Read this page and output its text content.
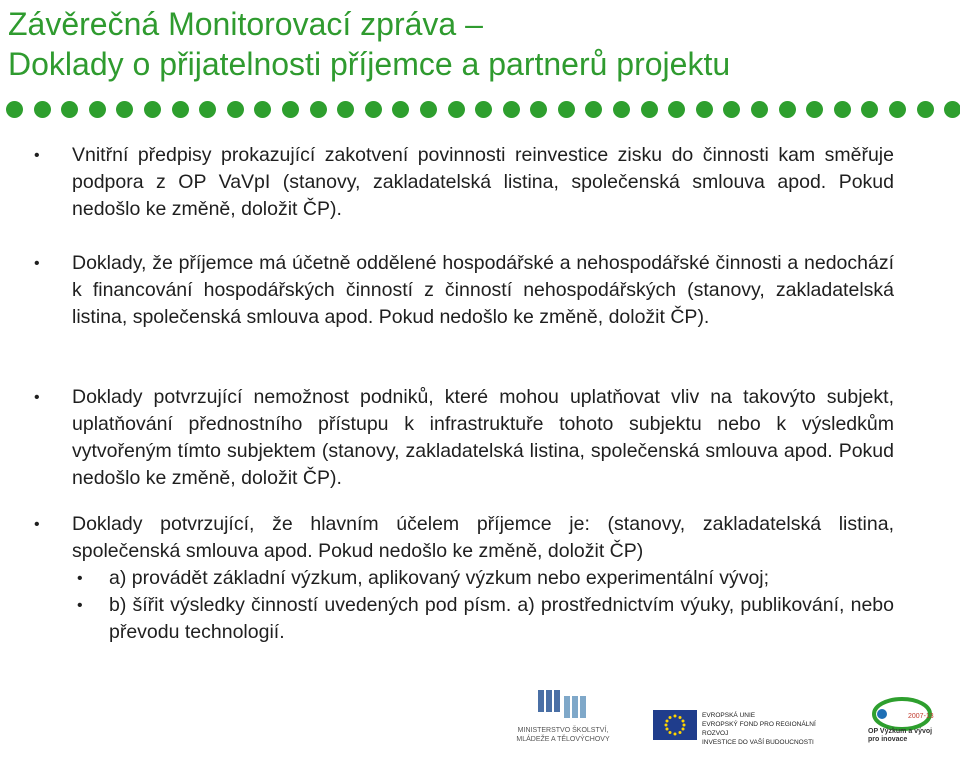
Závěrečná Monitorovací zpráva –
Doklady o přijatelnosti příjemce a partnerů projektu
• Vnitřní předpisy prokazující zakotvení povinnosti reinvestice zisku do činnosti kam směřuje podpora z OP VaVpI (stanovy, zakladatelská listina, společenská smlouva apod. Pokud nedošlo ke změně, doložit ČP).
• Doklady, že příjemce má účetně oddělené hospodářské a nehospodářské činnosti a nedochází k financování hospodářských činností z činností nehospodářských (stanovy, zakladatelská listina, společenská smlouva apod. Pokud nedošlo ke změně, doložit ČP).
• Doklady potvrzující nemožnost podniků, které mohou uplatňovat vliv na takovýto subjekt, uplatňování přednostního přístupu k infrastruktuře tohoto subjektu nebo k výsledkům vytvořeným tímto subjektem (stanovy, zakladatelská listina, společenská smlouva apod. Pokud nedošlo ke změně, doložit ČP).
• Doklady potvrzující, že hlavním účelem příjemce je: (stanovy, zakladatelská listina, společenská smlouva apod. Pokud nedošlo ke změně, doložit ČP)
• a) provádět základní výzkum, aplikovaný výzkum nebo experimentální vývoj;
• b) šířit výsledky činností uvedených pod písm. a) prostřednictvím výuky, publikování, nebo převodu technologií.
MINISTERSTVO ŠKOLSTVÍ,
MLÁDEŽE A TĚLOVÝCHOVY
EVROPSKÁ UNIE
EVROPSKÝ FOND PRO REGIONÁLNÍ ROZVOJ
INVESTICE DO VAŠÍ BUDOUCNOSTI
2007-13
OP Výzkum a vývoj
pro inovace
